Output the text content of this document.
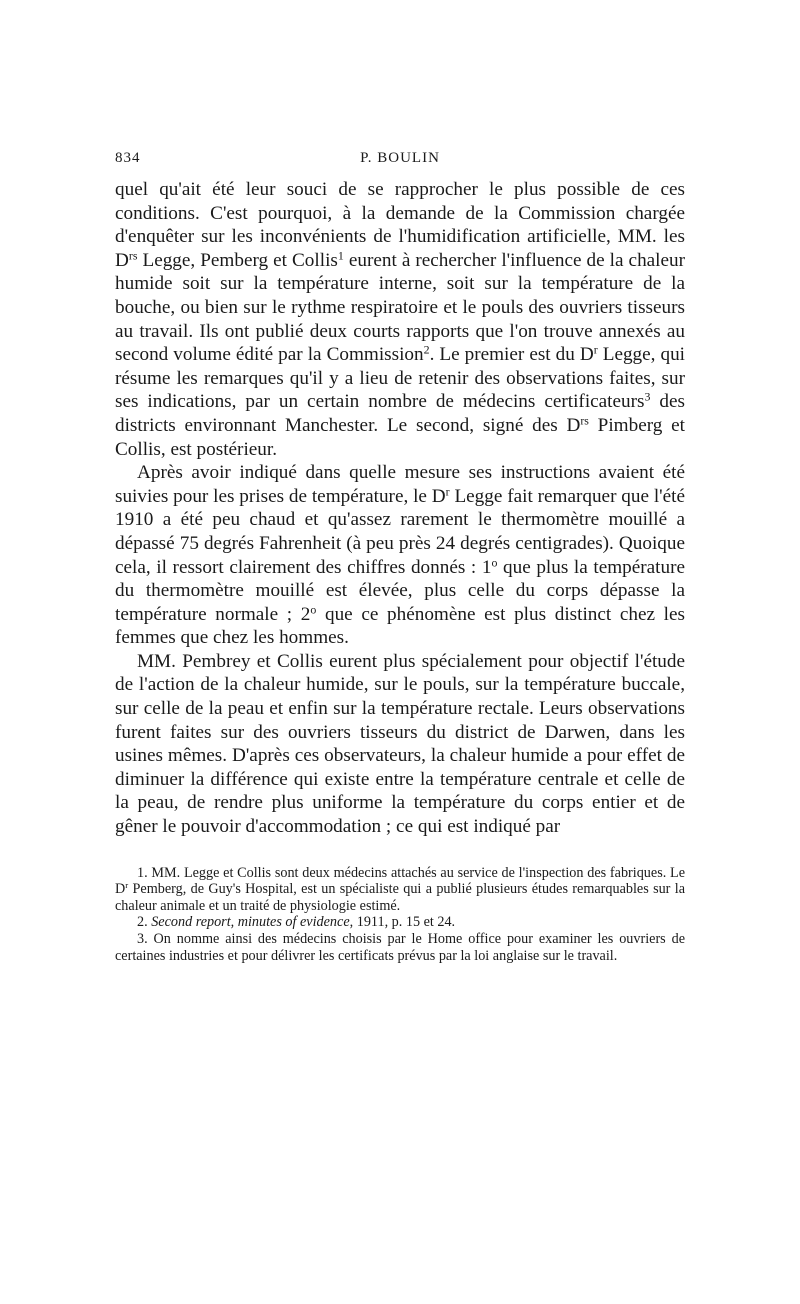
834	P. BOULIN

quel qu'ait été leur souci de se rapprocher le plus possible de ces conditions. C'est pourquoi, à la demande de la Commission chargée d'enquêter sur les inconvénients de l'humidification artificielle, MM. les $D^{rs}$ Legge, Pemberg et Collis$^1$ eurent à rechercher l'influence de la chaleur humide soit sur la température interne, soit sur la température de la bouche, ou bien sur le rythme respiratoire et le pouls des ouvriers tisseurs au travail. Ils ont publié deux courts rapports que l'on trouve annexés au second volume édité par la Commission$^2$. Le premier est du $D^r$ Legge, qui résume les remarques qu'il y a lieu de retenir des observations faites, sur ses indications, par un certain nombre de médecins certificateurs$^3$ des districts environnant Manchester. Le second, signé des $D^{rs}$ Pimberg et Collis, est postérieur.

Après avoir indiqué dans quelle mesure ses instructions avaient été suivies pour les prises de température, le $D^r$ Legge fait remarquer que l'été 1910 a été peu chaud et qu'assez rarement le thermomètre mouillé a dépassé 75 degrés Fahrenheit (à peu près 24 degrés centigrades). Quoique cela, il ressort clairement des chiffres donnés : 1$^o$ que plus la température du thermomètre mouillé est élevée, plus celle du corps dépasse la température normale ; 2$^o$ que ce phénomène est plus distinct chez les femmes que chez les hommes.

MM. Pembrey et Collis eurent plus spécialement pour objectif l'étude de l'action de la chaleur humide, sur le pouls, sur la température buccale, sur celle de la peau et enfin sur la température rectale. Leurs observations furent faites sur des ouvriers tisseurs du district de Darwen, dans les usines mêmes. D'après ces observateurs, la chaleur humide a pour effet de diminuer la différence qui existe entre la température centrale et celle de la peau, de rendre plus uniforme la température du corps entier et de gêner le pouvoir d'accommodation ; ce qui est indiqué par

1. MM. Legge et Collis sont deux médecins attachés au service de l'inspection des fabriques. Le $D^r$ Pemberg, de Guy's Hospital, est un spécialiste qui a publié plusieurs études remarquables sur la chaleur animale et un traité de physiologie estimé.

2. Second report, minutes of evidence, 1911, p. 15 et 24.

3. On nomme ainsi des médecins choisis par le Home office pour examiner les ouvriers de certaines industries et pour délivrer les certificats prévus par la loi anglaise sur le travail.
